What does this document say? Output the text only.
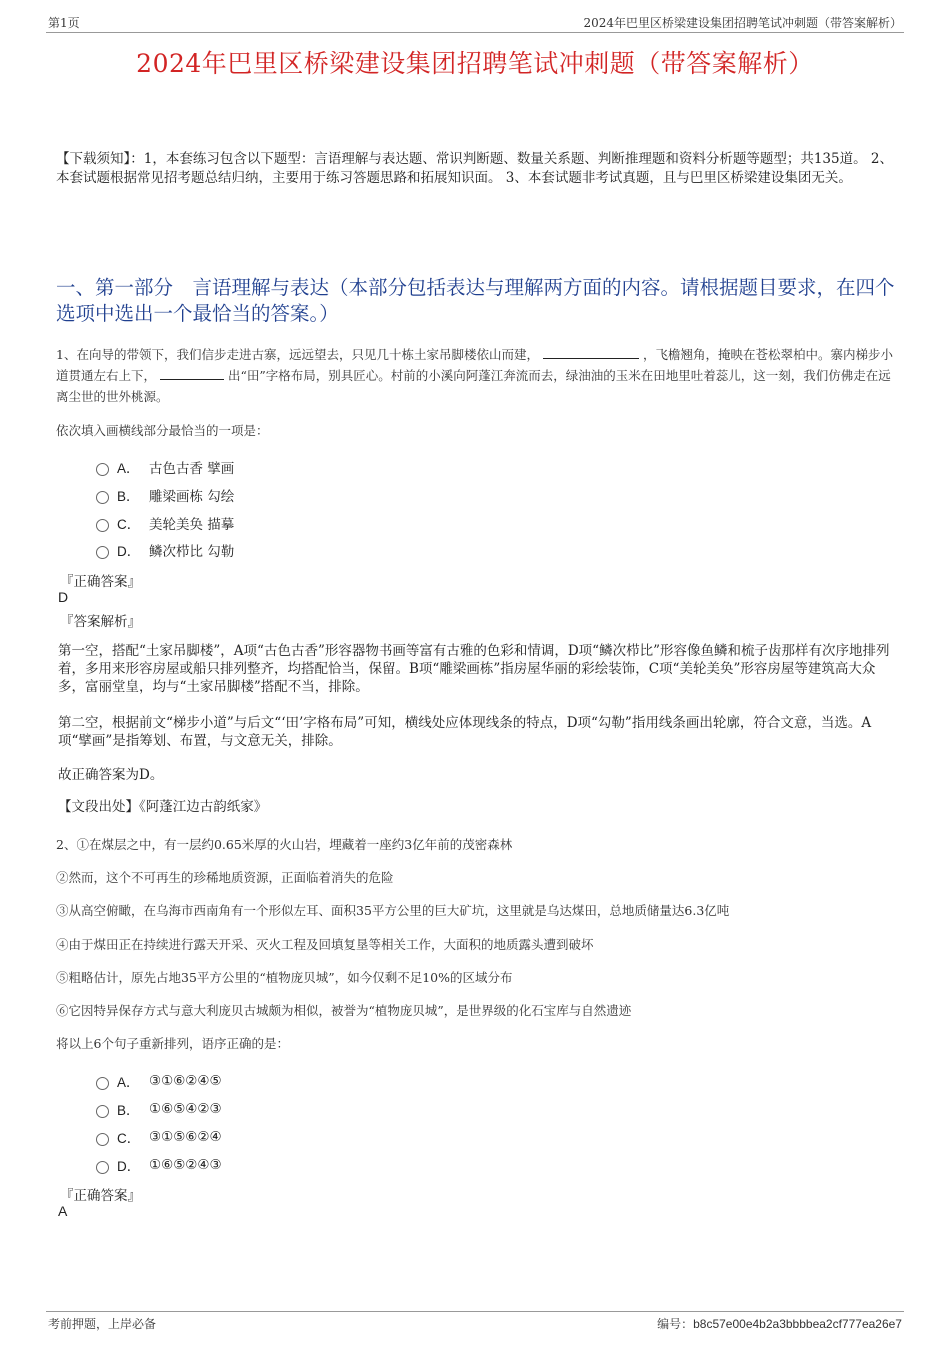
第1页	2024年巴里区桥梁建设集团招聘笔试冲刺题（带答案解析）
2024年巴里区桥梁建设集团招聘笔试冲刺题（带答案解析）
【下载须知】：1，本套练习包含以下题型：言语理解与表达题、常识判断题、数量关系题、判断推理题和资料分析题等题型；共135道。 2、本套试题根据常见招考题总结归纳，主要用于练习答题思路和拓展知识面。 3、本套试题非考试真题，且与巴里区桥梁建设集团无关。
一、第一部分　言语理解与表达（本部分包括表达与理解两方面的内容。请根据题目要求，在四个选项中选出一个最恰当的答案。）
1、在向导的带领下，我们信步走进古寨，远远望去，只见几十栋土家吊脚楼依山而建，	，飞檐翘角，掩映在苍松翠柏中。寨内梯步小道贯通左右上下，	出“田”字格布局，别具匠心。村前的小溪向阿蓬江奔流而去，绿油油的玉米在田地里吐着蕊儿，这一刻，我们仿佛走在远离尘世的世外桃源。
依次填入画横线部分最恰当的一项是：
A． 古色古香 擘画
B． 雕梁画栋 勾绘
C． 美轮美奂 描摹
D． 鳞次栉比 勾勒
『正确答案』
D
『答案解析』
第一空，搭配“土家吊脚楼”，A项“古色古香”形容器物书画等富有古雅的色彩和情调，D项“鳞次栉比”形容像鱼鳞和梳子齿那样有次序地排列着，多用来形容房屋或船只排列整齐，均搭配恰当，保留。B项“雕梁画栋”指房屋华丽的彩绘装饰，C项“美轮美奂”形容房屋等建筑高大众多，富丽堂皇，均与“土家吊脚楼”搭配不当，排除。
第二空，根据前文“梯步小道”与后文“‘田’字格布局”可知，横线处应体现线条的特点，D项“勾勒”指用线条画出轮廓，符合文意，当选。A项“擘画”是指筹划、布置，与文意无关，排除。
故正确答案为D。
【文段出处】《阿蓬江边古韵纸家》
2、①在煤层之中，有一层约0.65米厚的火山岩，埋藏着一座约3亿年前的茂密森林
②然而，这个不可再生的珍稀地质资源，正面临着消失的危险
③从高空俯瞰，在乌海市西南角有一个形似左耳、面积35平方公里的巨大矿坑，这里就是乌达煤田，总地质储量达6.3亿吨
④由于煤田正在持续进行露天开采、灭火工程及回填复垦等相关工作，大面积的地质露头遭到破坏
⑤粗略估计，原先占地35平方公里的“植物庞贝城”，如今仅剩不足10%的区域分布
⑥它因特异保存方式与意大利庞贝古城颇为相似，被誉为“植物庞贝城”，是世界级的化石宝库与自然遗迹
将以上6个句子重新排列，语序正确的是：
A． ③①⑥②④⑤
B． ①⑥⑤④②③
C． ③①⑤⑥②④
D． ①⑥⑤②④③
『正确答案』
A
考前押题，上岸必备	编号：b8c57e00e4b2a3bbbbea2cf777ea26e7
